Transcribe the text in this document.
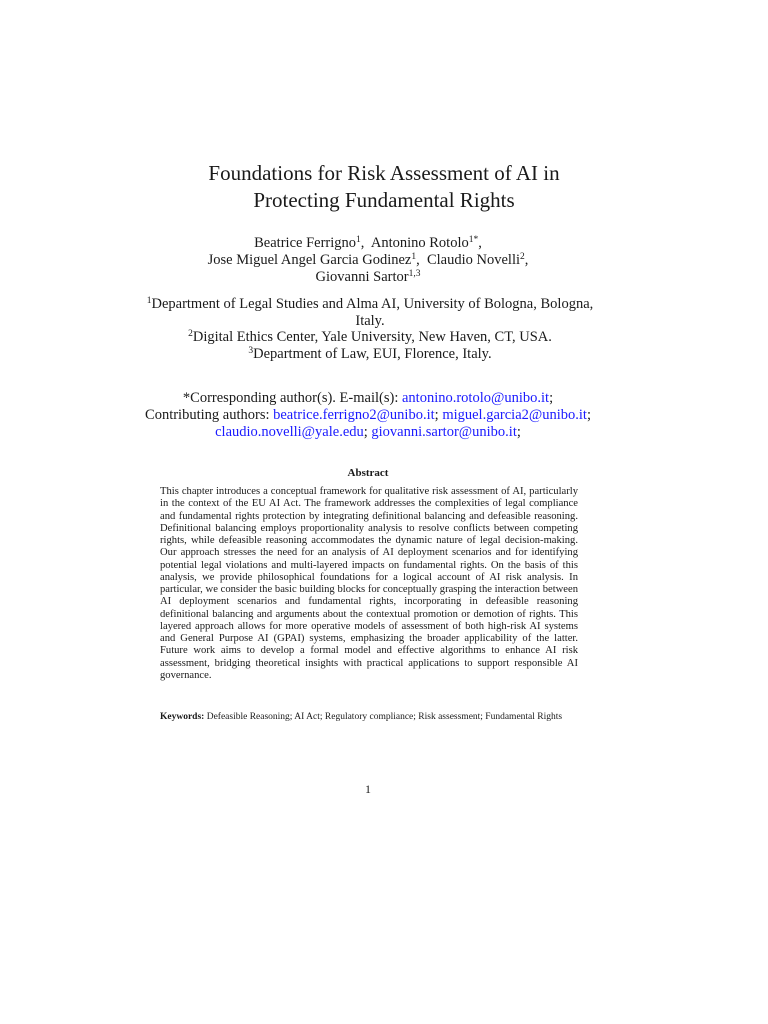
Foundations for Risk Assessment of AI in
Protecting Fundamental Rights
Beatrice Ferrigno$^1$,  Antonino Rotolo$^{1*}$,
Jose Miguel Angel Garcia Godinez$^1$,  Claudio Novelli$^2$,
Giovanni Sartor$^{1,3}$
$^1$Department of Legal Studies and Alma AI, University of Bologna, Bologna, Italy.
$^2$Digital Ethics Center, Yale University, New Haven, CT, USA.
$^3$Department of Law, EUI, Florence, Italy.
*Corresponding author(s). E-mail(s): antonino.rotolo@unibo.it;
Contributing authors: beatrice.ferrigno2@unibo.it; miguel.garcia2@unibo.it;
claudio.novelli@yale.edu; giovanni.sartor@unibo.it;
Abstract
This chapter introduces a conceptual framework for qualitative risk assessment of AI, particularly in the context of the EU AI Act. The framework addresses the complexities of legal compliance and fundamental rights protection by integrating definitional balancing and defeasible reasoning. Definitional balancing employs proportionality analysis to resolve conflicts between competing rights, while defeasible reasoning accommodates the dynamic nature of legal decision-making. Our approach stresses the need for an analysis of AI deployment scenarios and for identifying potential legal violations and multi-layered impacts on fundamental rights. On the basis of this analysis, we provide philosophical foundations for a logical account of AI risk analysis. In particular, we consider the basic building blocks for conceptually grasping the interaction between AI deployment scenarios and fundamental rights, incorporating in defeasible reasoning definitional balancing and arguments about the contextual promotion or demotion of rights. This layered approach allows for more operative models of assessment of both high-risk AI systems and General Purpose AI (GPAI) systems, emphasizing the broader applicability of the latter. Future work aims to develop a formal model and effective algorithms to enhance AI risk assessment, bridging theoretical insights with practical applications to support responsible AI governance.
Keywords: Defeasible Reasoning; AI Act; Regulatory compliance; Risk assessment; Fundamental Rights
1
